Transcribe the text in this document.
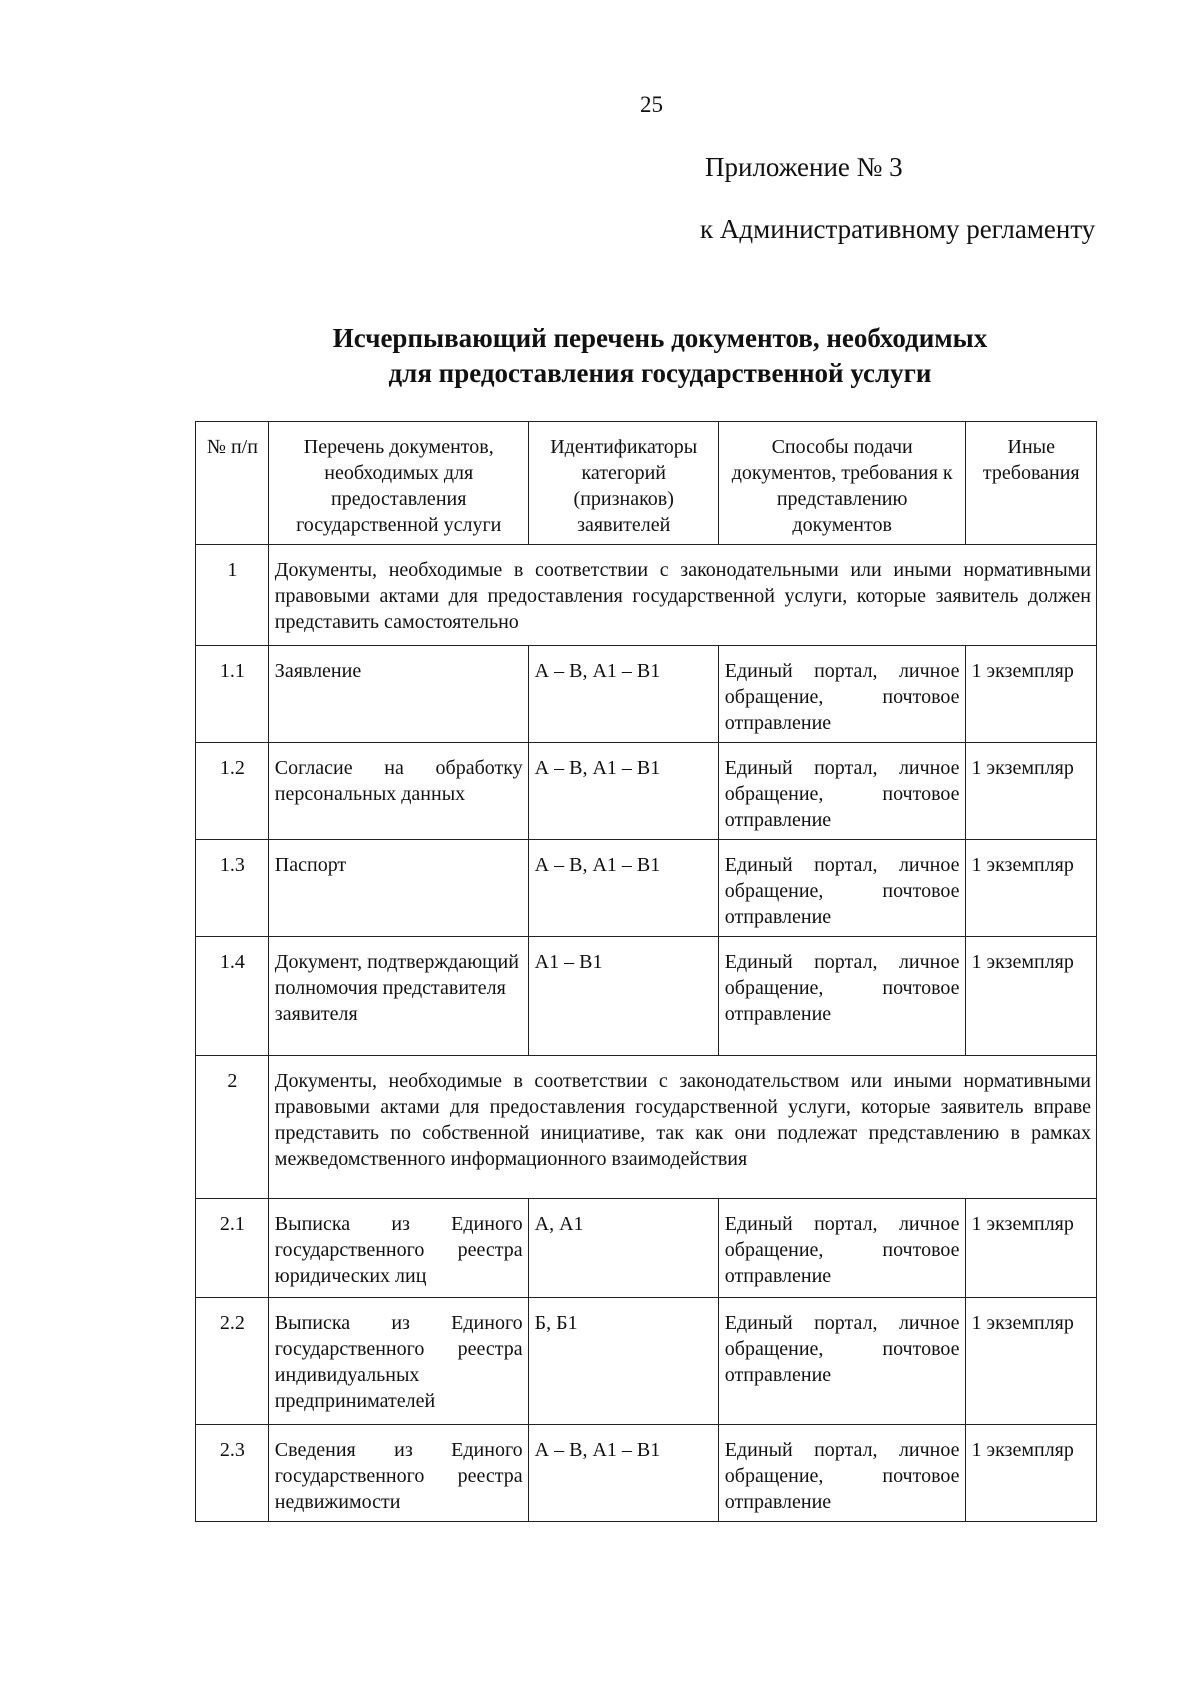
25
Приложение № 3
к Административному регламенту
Исчерпывающий перечень документов, необходимых
для предоставления государственной услуги
№ п/п	Перечень документов, необходимых для предоставления государственной услуги	Идентификаторы категорий (признаков) заявителей	Способы подачи документов, требования к представлению документов	Иные требования
1	Документы, необходимые в соответствии с законодательными или иными нормативными правовыми актами для предоставления государственной услуги, которые заявитель должен представить самостоятельно			
1.1	Заявление	А – В, А1 – В1	Единый портал, личное обращение, почтовое отправление	1 экземпляр
1.2	Согласие на обработку персональных данных	А – В, А1 – В1	Единый портал, личное обращение, почтовое отправление	1 экземпляр
1.3	Паспорт	А – В, А1 – В1	Единый портал, личное обращение, почтовое отправление	1 экземпляр
1.4	Документ, подтверждающий полномочия представителя заявителя	А1 – В1	Единый портал, личное обращение, почтовое отправление	1 экземпляр
2	Документы, необходимые в соответствии с законодательством или иными нормативными правовыми актами для предоставления государственной услуги, которые заявитель вправе представить по собственной инициативе, так как они подлежат представлению в рамках межведомственного информационного взаимодействия			
2.1	Выписка из Единого государственного реестра юридических лиц	А, А1	Единый портал, личное обращение, почтовое отправление	1 экземпляр
2.2	Выписка из Единого государственного реестра индивидуальных предпринимателей	Б, Б1	Единый портал, личное обращение, почтовое отправление	1 экземпляр
2.3	Сведения из Единого государственного реестра недвижимости	А – В, А1 – В1	Единый портал, личное обращение, почтовое отправление	1 экземпляр
